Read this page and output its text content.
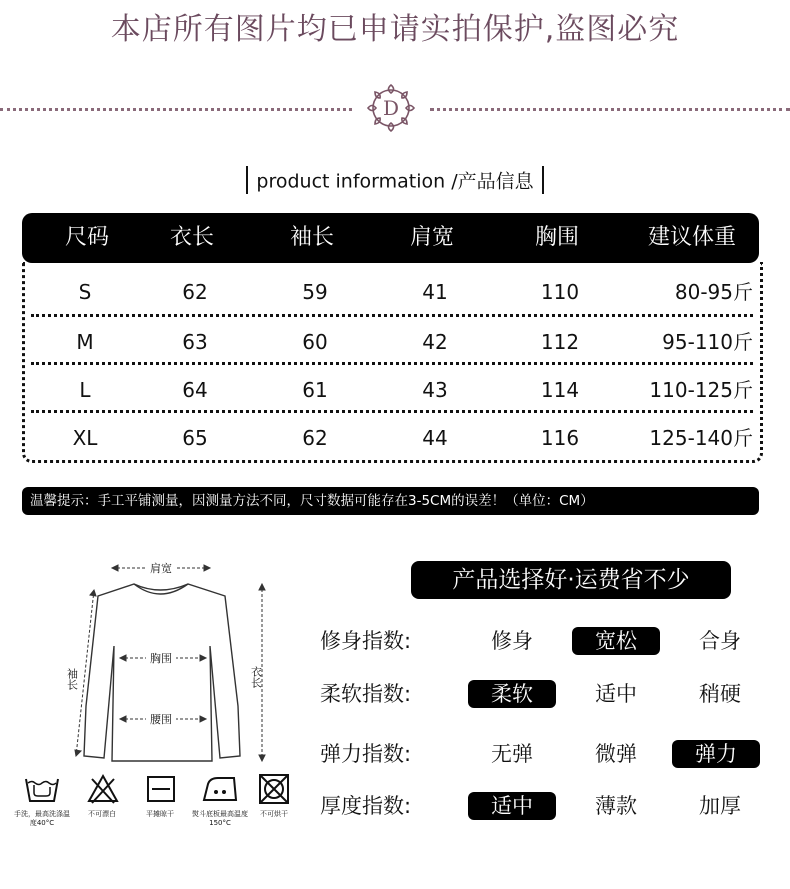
本店所有图片均已申请实拍保护,盗图必究
D
product information /产品信息
尺码	衣长	袖长	肩宽	胸围	建议体重
S	62	59	41	110	80-95斤
M	63	60	42	112	95-110斤
L	64	61	43	114	110-125斤
XL	65	62	44	116	125-140斤
温馨提示：手工平铺测量，因测量方法不同，尺寸数据可能存在3-5CM的误差！（单位：CM）
肩宽
胸围
腰围
衣长
袖长
手洗，最高洗涤温度40°C
不可漂白	平摊晾干	熨斗底板最高温度150°C
不可烘干
产品选择好·运费省不少
修身指数:	修身	宽松	合身
柔软指数:	柔软	适中	稍硬
弹力指数:	无弹	微弹	弹力
厚度指数:	适中	薄款	加厚
